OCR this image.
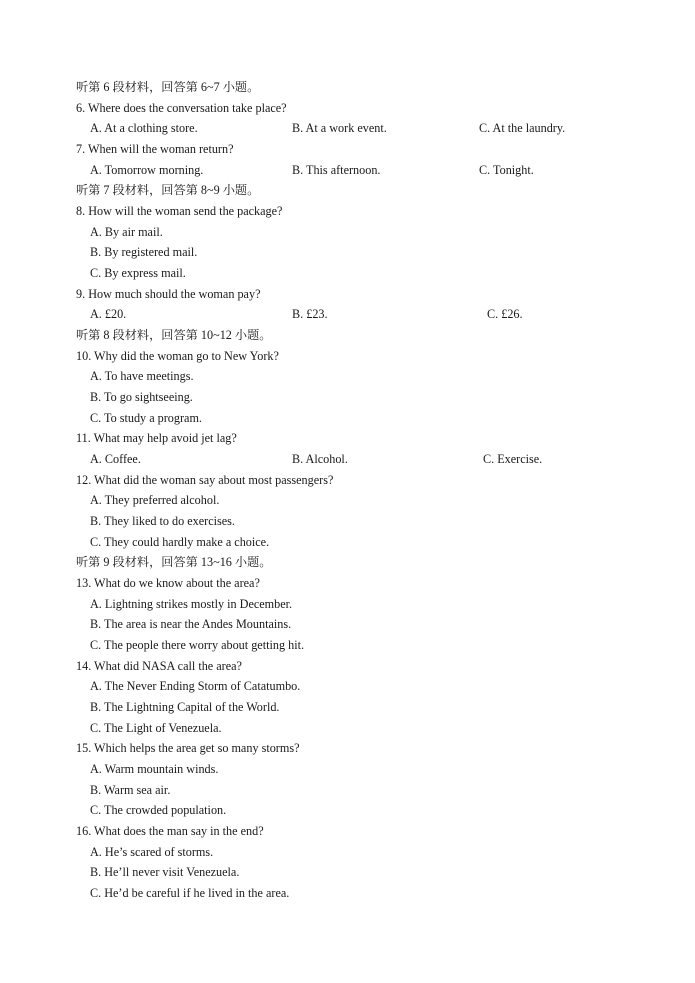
听第 6 段材料，回答第 6~7 小题。
6. Where does the conversation take place?
A. At a clothing store.	B. At a work event.	C. At the laundry.
7. When will the woman return?
A. Tomorrow morning.	B. This afternoon.	C. Tonight.
听第 7 段材料，回答第 8~9 小题。
8. How will the woman send the package?
A. By air mail.
B. By registered mail.
C. By express mail.
9. How much should the woman pay?
A. £20.	B. £23.	C. £26.
听第 8 段材料，回答第 10~12 小题。
10. Why did the woman go to New York?
A. To have meetings.
B. To go sightseeing.
C. To study a program.
11. What may help avoid jet lag?
A. Coffee.	B. Alcohol.	C. Exercise.
12. What did the woman say about most passengers?
A. They preferred alcohol.
B. They liked to do exercises.
C. They could hardly make a choice.
听第 9 段材料，回答第 13~16 小题。
13. What do we know about the area?
A. Lightning strikes mostly in December.
B. The area is near the Andes Mountains.
C. The people there worry about getting hit.
14. What did NASA call the area?
A. The Never Ending Storm of Catatumbo.
B. The Lightning Capital of the World.
C. The Light of Venezuela.
15. Which helps the area get so many storms?
A. Warm mountain winds.
B. Warm sea air.
C. The crowded population.
16. What does the man say in the end?
A. He’s scared of storms.
B. He’ll never visit Venezuela.
C. He’d be careful if he lived in the area.
